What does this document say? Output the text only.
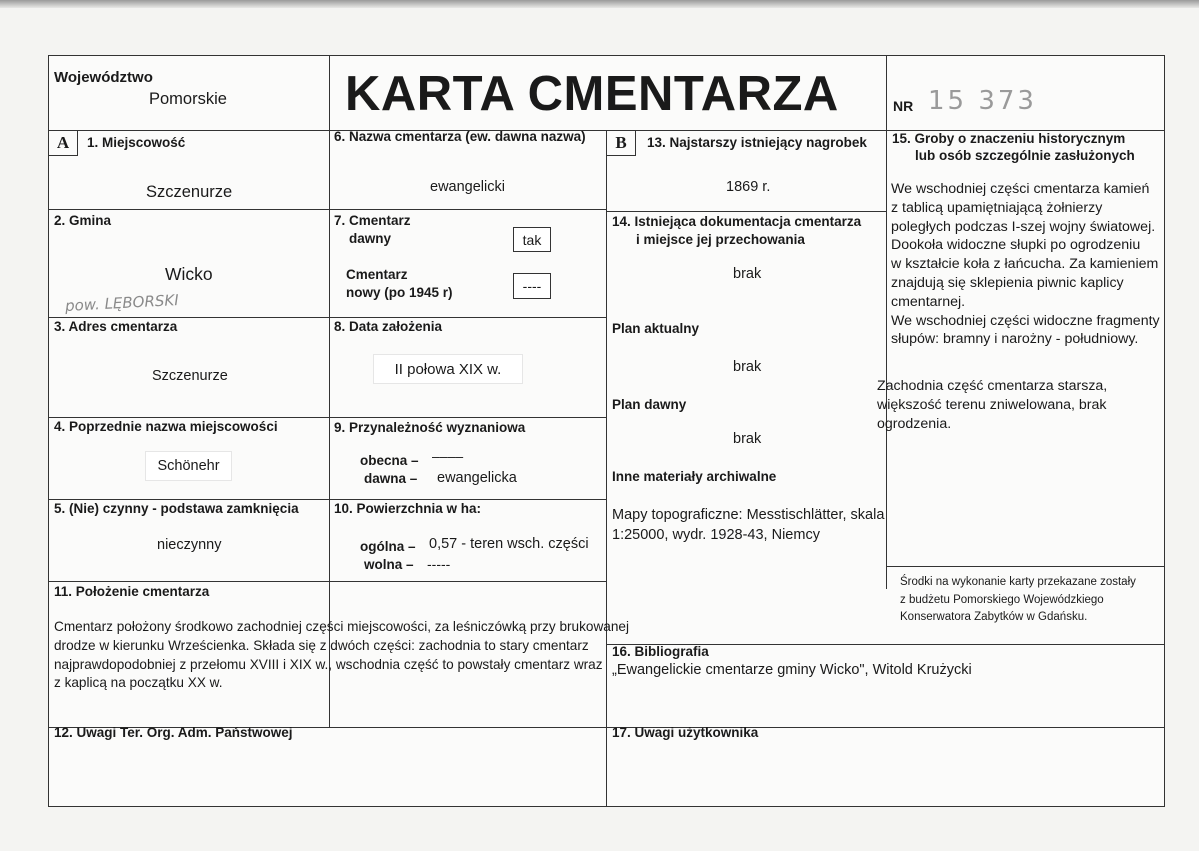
Województwo
Pomorskie KARTA CMENTARZA	NR 15 373
A	B
1. Miejscowość
Szczenurze
6. Nazwa cmentarza (ew. dawna nazwa)
ewangelicki
13. Najstarszy istniejący nagrobek
1869 r.
15. Groby o znaczeniu historycznym
lub osób szczególnie zasłużonych
We wschodniej części cmentarza kamień
z tablicą upamiętniającą żołnierzy
poległych podczas I-szej wojny światowej.
Dookoła widoczne słupki po ogrodzeniu
w kształcie koła z łańcucha. Za kamieniem
znajdują się sklepienia piwnic kaplicy
cmentarnej.
We wschodniej części widoczne fragmenty
słupów: bramny i narożny - południowy.
Zachodnia część cmentarza starsza,
większość terenu zniwelowana, brak
ogrodzenia.
2. Gmina
Wicko
pow. LĘBORSKI
7. Cmentarz
dawny	tak
Cmentarz
nowy (po 1945 r)	----
14. Istniejąca dokumentacja cmentarza
i miejsce jej przechowania
brak
Plan aktualny
brak
Plan dawny
brak
Inne materiały archiwalne
Mapy topograficzne: Messtischlätter, skala
1:25000, wydr. 1928-43, Niemcy
3. Adres cmentarza
Szczenurze
8. Data założenia
II połowa XIX w.
4. Poprzednie nazwa miejscowości
Schönehr
9. Przynależność wyznaniowa
obecna – ––––
dawna – ewangelicka
5. (Nie) czynny - podstawa zamknięcia
nieczynny
10. Powierzchnia w ha:
ogólna – 0,57 - teren wsch. części
wolna – -----
11. Położenie cmentarza
Cmentarz położony środkowo zachodniej części miejscowości, za leśniczówką przy brukowanej
drodze w kierunku Wrześcienka. Składa się z dwóch części: zachodnia to stary cmentarz
najprawdopodobniej z przełomu XVIII i XIX w., wschodnia część to powstały cmentarz wraz
z kaplicą na początku XX w.
Środki na wykonanie karty przekazane zostały
z budżetu Pomorskiego Wojewódzkiego
Konserwatora Zabytków w Gdańsku.
16. Bibliografia
„Ewangelickie cmentarze gminy Wicko", Witold Krużycki
12. Uwagi Ter. Org. Adm. Państwowej	17. Uwagi użytkownika
